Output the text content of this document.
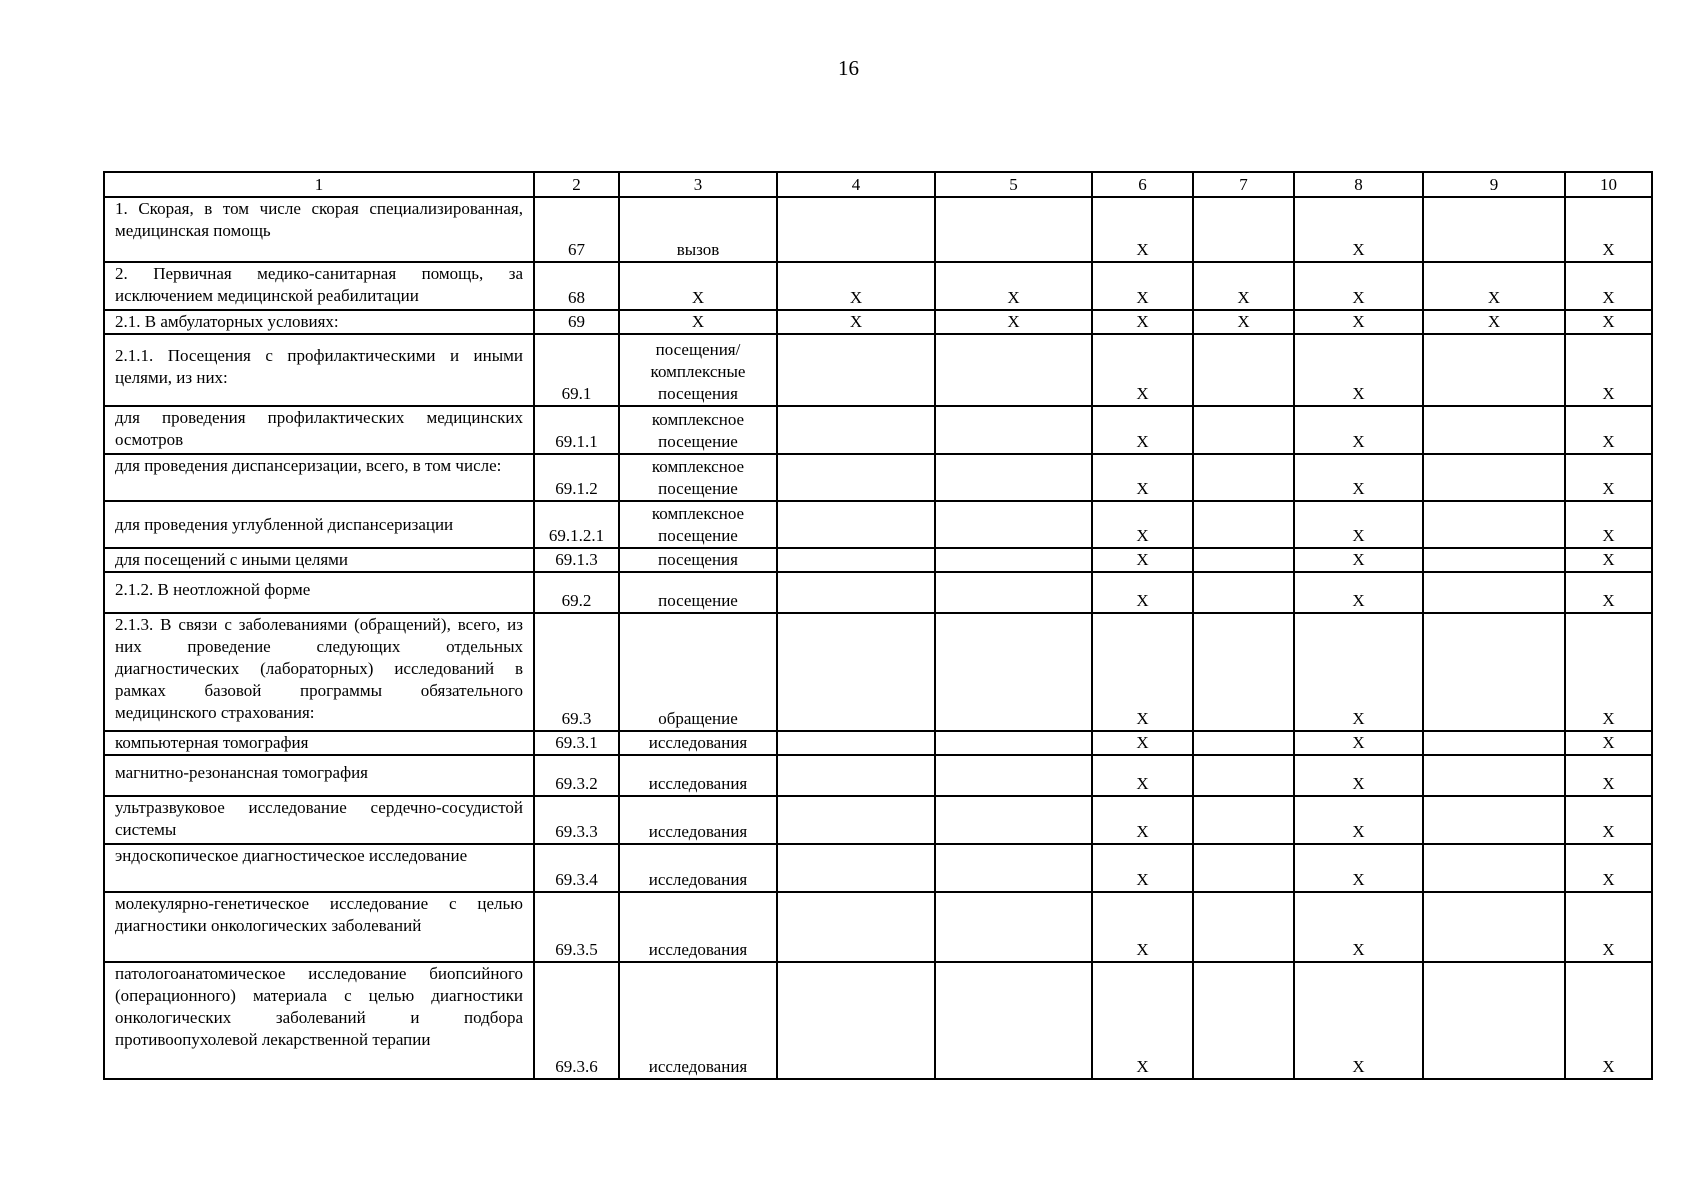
16
1	2	3	4	5	6	7	8	9	10
1. Скорая, в том числе скорая специализированная, медицинская помощь	67	вызов			X		X		X
2. Первичная медико-санитарная помощь, за исключением медицинской реабилитации	68	X	X	X	X	X	X	X	X
2.1. В амбулаторных условиях:	69	X	X	X	X	X	X	X	X
2.1.1. Посещения с профилактическими и иными целями, из них:	69.1	посещения/ комплексные посещения			X		X		X
для проведения профилактических медицинских осмотров	69.1.1	комплексное посещение			X		X		X
для проведения диспансеризации, всего, в том числе:	69.1.2	комплексное посещение			X		X		X
для проведения углубленной диспансеризации	69.1.2.1	комплексное посещение			X		X		X
для посещений с иными целями	69.1.3	посещения			X		X		X
2.1.2. В неотложной форме	69.2	посещение			X		X		X
2.1.3. В связи с заболеваниями (обращений), всего, из них проведение следующих отдельных диагностических (лабораторных) исследований в рамках базовой программы обязательного медицинского страхования:	69.3	обращение			X		X		X
компьютерная томография	69.3.1	исследования			X		X		X
магнитно-резонансная томография	69.3.2	исследования			X		X		X
ультразвуковое исследование сердечно-сосудистой системы	69.3.3	исследования			X		X		X
эндоскопическое диагностическое исследование	69.3.4	исследования			X		X		X
молекулярно-генетическое исследование с целью диагностики онкологических заболеваний	69.3.5	исследования			X		X		X
патологоанатомическое исследование биопсийного (операционного) материала с целью диагностики онкологических заболеваний и подбора противоопухолевой лекарственной терапии	69.3.6	исследования			X		X		X
